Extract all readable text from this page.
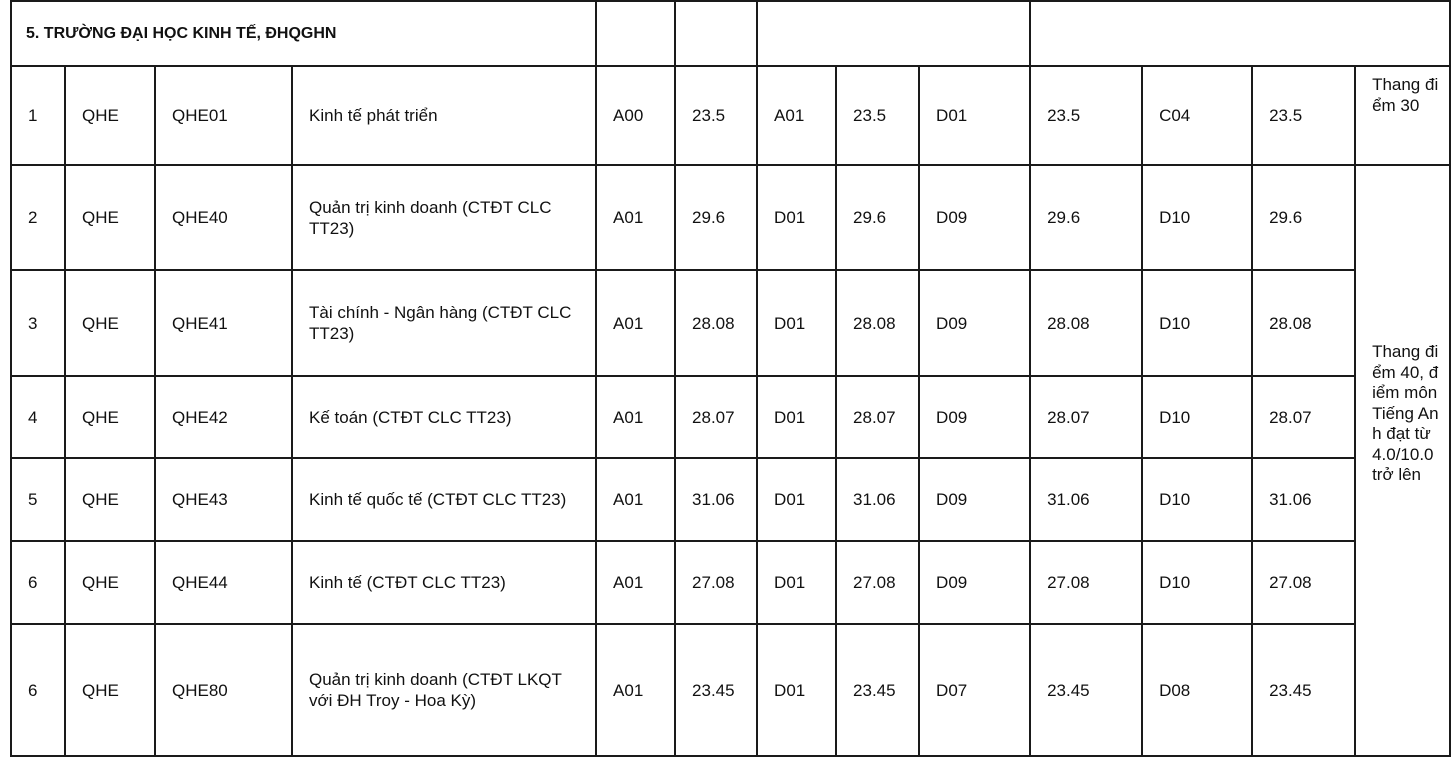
5. TRƯỜNG ĐẠI HỌC KINH TẾ, ĐHQGHN												
1	QHE	QHE01	Kinh tế phát triển	A00	23.5	A01	23.5	D01	23.5	C04	23.5	Thang điểm 30
2	QHE	QHE40	Quản trị kinh doanh (CTĐT CLC TT23)	A01	29.6	D01	29.6	D09	29.6	D10	29.6	Thang điểm 40, điểm môn Tiếng Anh đạt từ 4.0/10.0 trở lên
3	QHE	QHE41	Tài chính - Ngân hàng (CTĐT CLC TT23)	A01	28.08	D01	28.08	D09	28.08	D10	28.08	
4	QHE	QHE42	Kế toán (CTĐT CLC TT23)	A01	28.07	D01	28.07	D09	28.07	D10	28.07	
5	QHE	QHE43	Kinh tế quốc tế (CTĐT CLC TT23)	A01	31.06	D01	31.06	D09	31.06	D10	31.06	
6	QHE	QHE44	Kinh tế (CTĐT CLC TT23)	A01	27.08	D01	27.08	D09	27.08	D10	27.08	
6	QHE	QHE80	Quản trị kinh doanh (CTĐT LKQT với ĐH Troy - Hoa Kỳ)	A01	23.45	D01	23.45	D07	23.45	D08	23.45	
